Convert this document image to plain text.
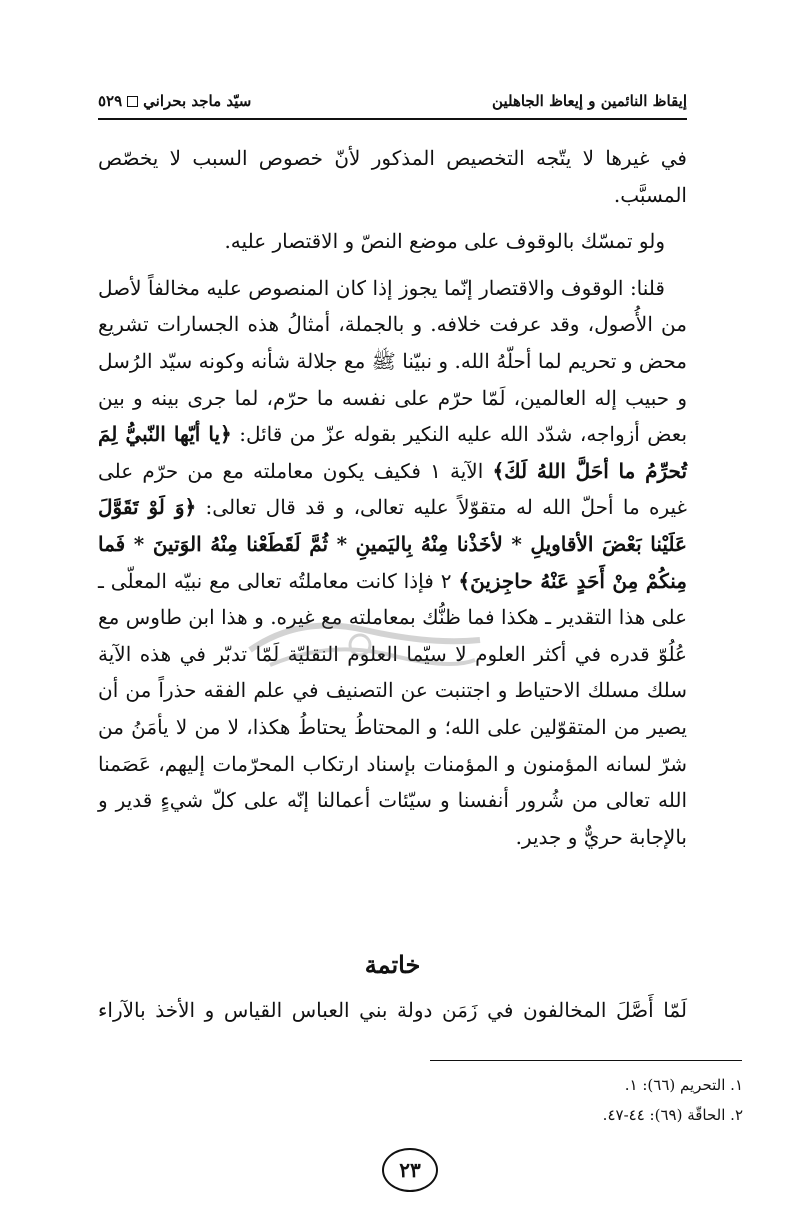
إيقاظ النائمين و إيعاظ الجاهلين
سيّد ماجد بحراني
٥٢٩

في غيرها لا يتّجه التخصيص المذكور لأنّ خصوص السبب لا يخصّص المسبَّب.

ولو تمسّك بالوقوف على موضع النصّ و الاقتصار عليه.

قلنا: الوقوف والاقتصار إنّما يجوز إذا كان المنصوص عليه مخالفاً لأصل من الأُصول، وقد عرفت خلافه. و بالجملة، أمثالُ هذه الجسارات تشريع محض و تحريم لما أحلّهُ الله. و نبيّنا ﷺ مع جلالة شأنه وكونه سيّد الرُسل و حبيب إله العالمين، لَمّا حرّم على نفسه ما حرّم، لما جرى بينه و بين بعض أزواجه، شدّد الله عليه النكير بقوله عزّ من قائل: ﴿يا أيّها النّبيُّ لِمَ تُحرِّمُ ما أحَلَّ اللهُ لَكَ﴾ الآية ١ فكيف يكون معاملته مع من حرّم على غيره ما أحلّ الله له متقوّلاً عليه تعالى، و قد قال تعالى: ﴿وَ لَوْ تَقَوَّلَ عَلَيْنا بَعْضَ الأقاويلِ * لأخَذْنا مِنْهُ بِاليَمينِ * ثُمَّ لَقَطَعْنا مِنْهُ الوَتينَ * فَما مِنكُمْ مِنْ أَحَدٍ عَنْهُ حاجِزينَ﴾ ٢ فإذا كانت معاملتُه تعالى مع نبيّه المعلّى ـ على هذا التقدير ـ هكذا فما ظنُّك بمعاملته مع غيره. و هذا ابن طاوس مع عُلُوّ قدره في أكثر العلوم لا سيّما العلوم النقليّة لَمّا تدبّر في هذه الآية سلك مسلك الاحتياط و اجتنبت عن التصنيف في علم الفقه حذراً من أن يصير من المتقوّلين على الله؛ و المحتاطُ يحتاطُ هكذا، لا من لا يأمَنُ من شرّ لسانه المؤمنون و المؤمنات بإسناد ارتكاب المحرّمات إليهم، عَصَمنا الله تعالى من شُرور أنفسنا و سيّئات أعمالنا إنّه على كلّ شيءٍ قدير و بالإجابة حريٌّ و جدير.

خاتمة
لَمّا أَصَّلَ المخالفون في زَمَن دولة بني العباس القياس و الأخذ بالآراء
١. التحريم (٦٦): ١.
٢. الحاقّة (٦٩): ٤٤-٤٧.
٢٣
